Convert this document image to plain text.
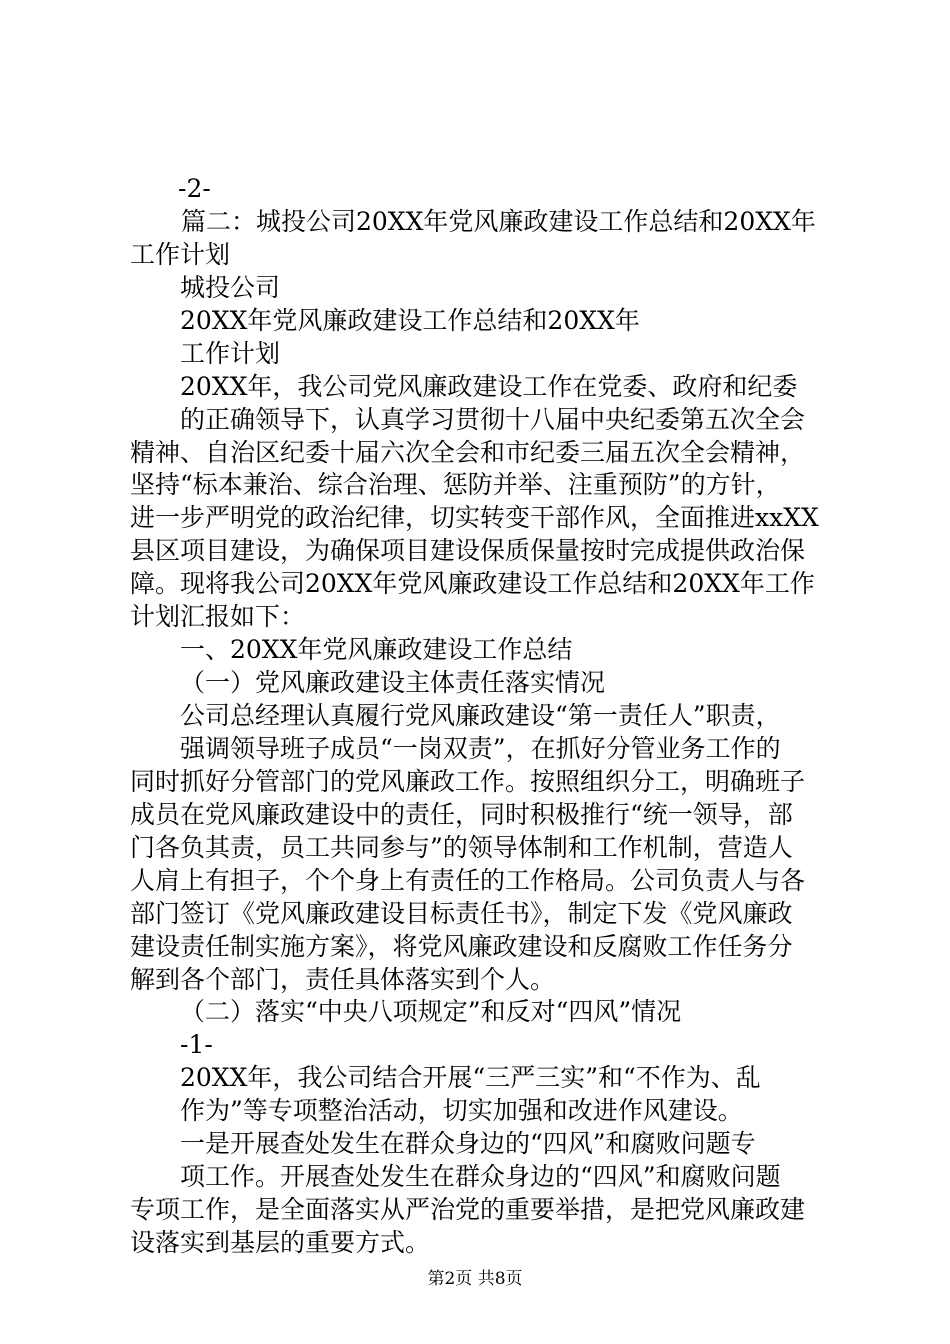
-2-
篇二：城投公司20XX年党风廉政建设工作总结和20XX年
工作计划
城投公司
20XX年党风廉政建设工作总结和20XX年
工作计划
20XX年，我公司党风廉政建设工作在党委、政府和纪委
的正确领导下，认真学习贯彻十八届中央纪委第五次全会
精神、自治区纪委十届六次全会和市纪委三届五次全会精神，
坚持“标本兼治、综合治理、惩防并举、注重预防”的方针，
进一步严明党的政治纪律，切实转变干部作风，全面推进xxXX
县区项目建设，为确保项目建设保质保量按时完成提供政治保
障。现将我公司20XX年党风廉政建设工作总结和20XX年工作
计划汇报如下：
一、20XX年党风廉政建设工作总结
（一）党风廉政建设主体责任落实情况
公司总经理认真履行党风廉政建设“第一责任人”职责，
强调领导班子成员“一岗双责”，在抓好分管业务工作的
同时抓好分管部门的党风廉政工作。按照组织分工，明确班子
成员在党风廉政建设中的责任，同时积极推行“统一领导，部
门各负其责，员工共同参与”的领导体制和工作机制，营造人
人肩上有担子，个个身上有责任的工作格局。公司负责人与各
部门签订《党风廉政建设目标责任书》，制定下发《党风廉政
建设责任制实施方案》，将党风廉政建设和反腐败工作任务分
解到各个部门，责任具体落实到个人。
（二）落实“中央八项规定”和反对“四风”情况
-1-
20XX年，我公司结合开展“三严三实”和“不作为、乱
作为”等专项整治活动，切实加强和改进作风建设。
一是开展查处发生在群众身边的“四风”和腐败问题专
项工作。开展查处发生在群众身边的“四风”和腐败问题
专项工作，是全面落实从严治党的重要举措，是把党风廉政建
设落实到基层的重要方式。
第2页 共8页
